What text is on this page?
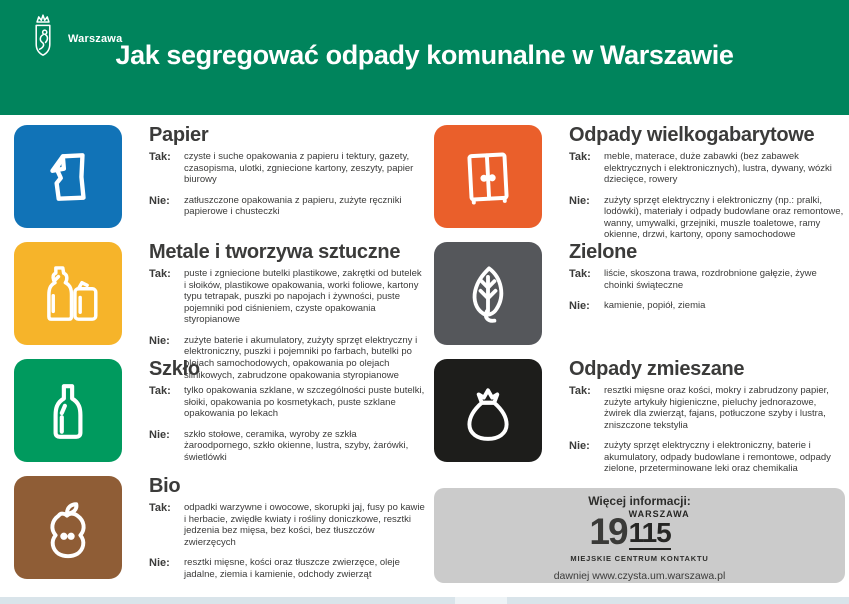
Warszawa
Jak segregować odpady komunalne w Warszawie
Papier
Tak:	czyste i suche opakowania z papieru i tektury, gazety, czasopisma, ulotki, zgniecione kartony, zeszyty, papier biurowy
Nie:	zatłuszczone opakowania z papieru, zużyte ręczniki papierowe i chusteczki
Metale i tworzywa sztuczne
Tak:	puste i zgniecione butelki plastikowe, zakrętki od butelek i słoików, plastikowe opakowania, worki foliowe, kartony typu tetrapak, puszki po napojach i żywności, puste pojemniki pod ciśnieniem, czyste opakowania styropianowe
Nie:	zużyte baterie i akumulatory, zużyty sprzęt elektryczny i elektroniczny, puszki i pojemniki po farbach, butelki po olejach samochodowych, opakowania po olejach silnikowych, zabrudzone opakowania styropianowe
Szkło
Tak:	tylko opakowania szklane, w szczególności puste butelki, słoiki, opakowania po kosmetykach, puste szklane opakowania po lekach
Nie:	szkło stołowe, ceramika, wyroby ze szkła żaroodpornego, szkło okienne, lustra, szyby, żarówki, świetlówki
Bio
Tak:	odpadki warzywne i owocowe, skorupki jaj, fusy po kawie i herbacie, zwiędłe kwiaty i rośliny doniczkowe, resztki jedzenia bez mięsa, bez kości, bez tłuszczów zwierzęcych
Nie:	resztki mięsne, kości oraz tłuszcze zwierzęce, oleje jadalne, ziemia i kamienie, odchody zwierząt
Odpady wielkogabarytowe
Tak:	meble, materace, duże zabawki (bez zabawek elektrycznych i elektronicznych), lustra, dywany, wózki dziecięce, rowery
Nie:	zużyty sprzęt elektryczny i elektroniczny (np.: pralki, lodówki), materiały i odpady budowlane oraz remontowe, wanny, umywalki, grzejniki, muszle toaletowe, ramy okienne, drzwi, kartony, opony samochodowe
Zielone
Tak:	liście, skoszona trawa, rozdrobnione gałęzie, żywe choinki świąteczne
Nie:	kamienie, popiół, ziemia
Odpady zmieszane
Tak:	resztki mięsne oraz kości, mokry i zabrudzony papier, zużyte artykuły higieniczne, pieluchy jednorazowe, żwirek dla zwierząt, fajans, potłuczone szyby i lustra, zniszczone tekstylia
Nie:	zużyty sprzęt elektryczny i elektroniczny, baterie i akumulatory, odpady budowlane i remontowe, odpady zielone, przeterminowane leki oraz chemikalia
Więcej informacji:
19 WARSZAWA
115
MIEJSKIE CENTRUM KONTAKTU
dawniej www.czysta.um.warszawa.pl
